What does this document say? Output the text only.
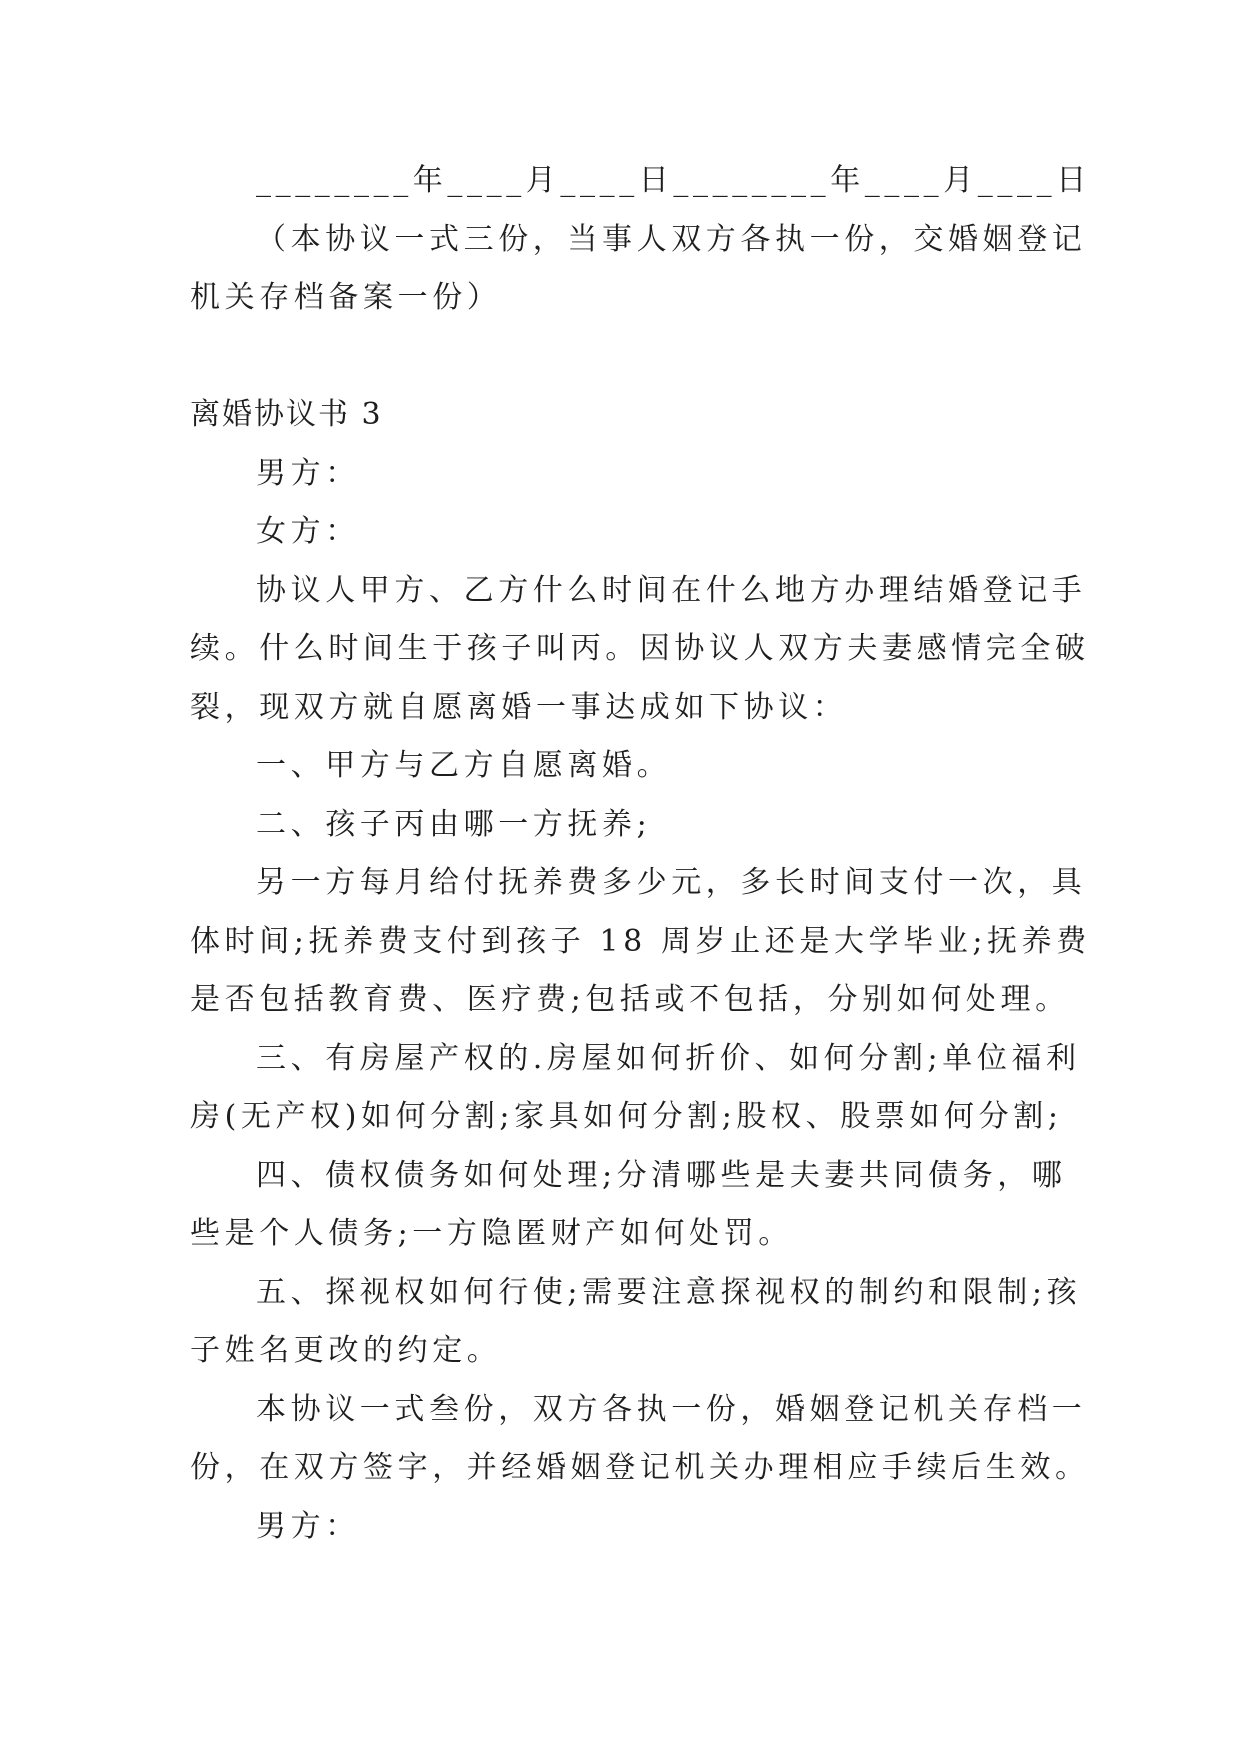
________年____月____日________年____月____日

（本协议一式三份，当事人双方各执一份，交婚姻登记

机关存档备案一份）

离婚协议书 3

男方：

女方：

协议人甲方、乙方什么时间在什么地方办理结婚登记手

续。什么时间生于孩子叫丙。因协议人双方夫妻感情完全破

裂，现双方就自愿离婚一事达成如下协议：

一、甲方与乙方自愿离婚。

二、孩子丙由哪一方抚养;

另一方每月给付抚养费多少元，多长时间支付一次，具

体时间;抚养费支付到孩子 18 周岁止还是大学毕业;抚养费

是否包括教育费、医疗费;包括或不包括，分别如何处理。

三、有房屋产权的.房屋如何折价、如何分割;单位福利

房(无产权)如何分割;家具如何分割;股权、股票如何分割;

四、债权债务如何处理;分清哪些是夫妻共同债务，哪

些是个人债务;一方隐匿财产如何处罚。

五、探视权如何行使;需要注意探视权的制约和限制;孩

子姓名更改的约定。

本协议一式叁份，双方各执一份，婚姻登记机关存档一

份，在双方签字，并经婚姻登记机关办理相应手续后生效。

男方：
